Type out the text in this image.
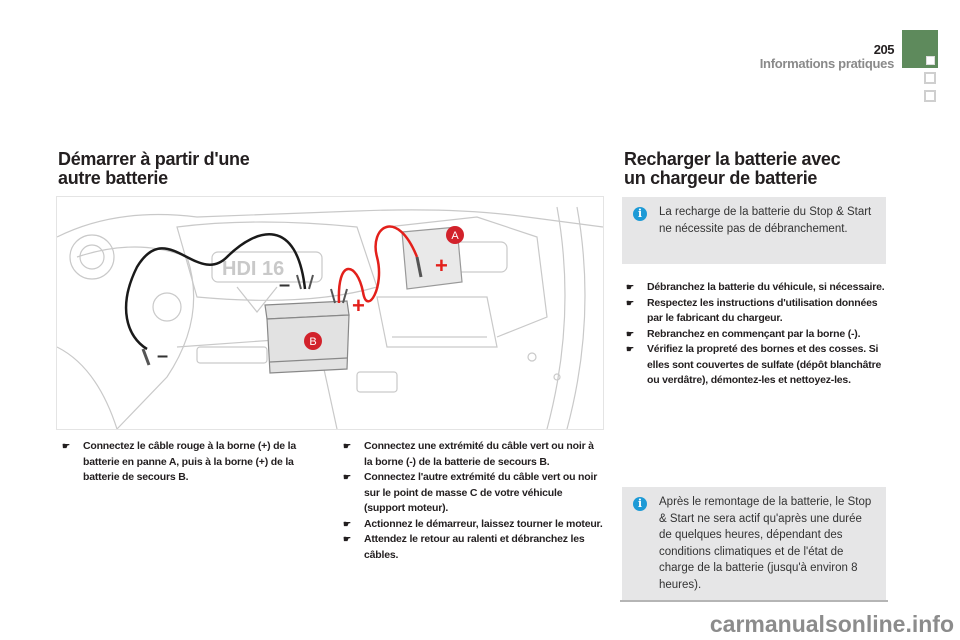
205
Informations pratiques
Démarrer à partir d'une
autre batterie
HDI 16
–
–
+
+
A
B
☛ Connectez le câble rouge à la borne (+) de la batterie en panne A, puis à la borne (+) de la batterie de secours B.
☛ Connectez une extrémité du câble vert ou noir à la borne (-) de la batterie de secours B.
☛ Connectez l'autre extrémité du câble vert ou noir sur le point de masse C de votre véhicule (support moteur).
☛ Actionnez le démarreur, laissez tourner le moteur.
☛ Attendez le retour au ralenti et débranchez les câbles.
Recharger la batterie avec
un chargeur de batterie
i	La recharge de la batterie du Stop & Start ne nécessite pas de débranchement.
☛ Débranchez la batterie du véhicule, si nécessaire.
☛ Respectez les instructions d'utilisation données par le fabricant du chargeur.
☛ Rebranchez en commençant par la borne (-).
☛ Vérifiez la propreté des bornes et des cosses. Si elles sont couvertes de sulfate (dépôt blanchâtre ou verdâtre), démontez-les et nettoyez-les.
i	Après le remontage de la batterie, le Stop & Start ne sera actif qu'après une durée de quelques heures, dépendant des conditions climatiques et de l'état de charge de la batterie (jusqu'à environ 8 heures).
carmanualsonline.info
